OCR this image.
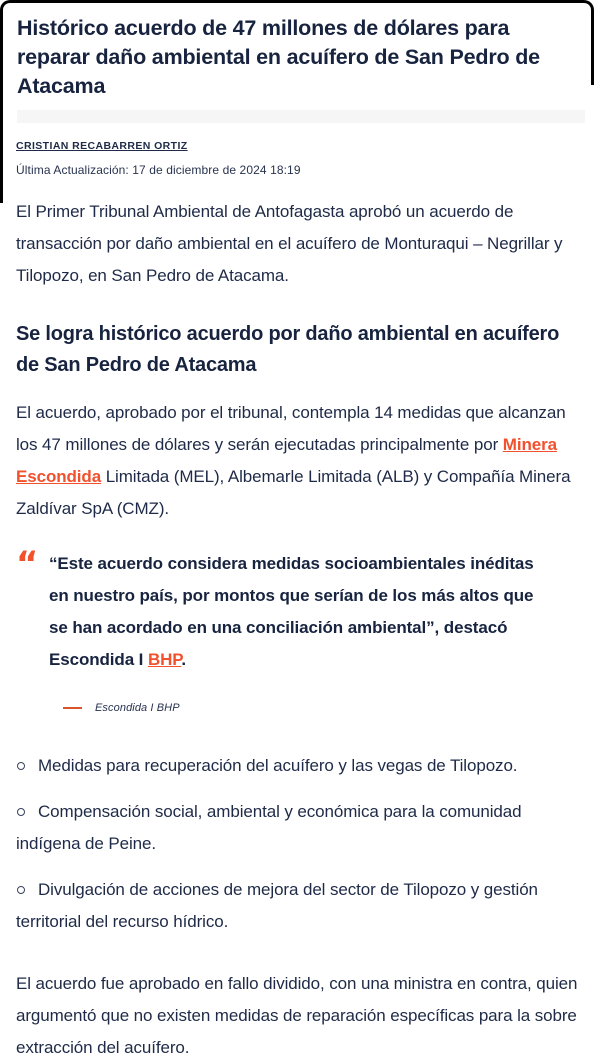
Histórico acuerdo de 47 millones de dólares para reparar daño ambiental en acuífero de San Pedro de Atacama
CRISTIAN RECABARREN ORTIZ
Última Actualización: 17 de diciembre de 2024 18:19

El Primer Tribunal Ambiental de Antofagasta aprobó un acuerdo de transacción por daño ambiental en el acuífero de Monturaqui – Negrillar y Tilopozo, en San Pedro de Atacama.

Se logra histórico acuerdo por daño ambiental en acuífero de San Pedro de Atacama

El acuerdo, aprobado por el tribunal, contempla 14 medidas que alcanzan los 47 millones de dólares y serán ejecutadas principalmente por Minera Escondida Limitada (MEL), Albemarle Limitada (ALB) y Compañía Minera Zaldívar SpA (CMZ).

“ “Este acuerdo considera medidas socioambientales inéditas en nuestro país, por montos que serían de los más altos que se han acordado en una conciliación ambiental”, destacó Escondida I BHP.
Escondida I BHP
Medidas para recuperación del acuífero y las vegas de Tilopozo.
Compensación social, ambiental y económica para la comunidad indígena de Peine.
Divulgación de acciones de mejora del sector de Tilopozo y gestión territorial del recurso hídrico.

El acuerdo fue aprobado en fallo dividido, con una ministra en contra, quien argumentó que no existen medidas de reparación específicas para la sobre extracción del acuífero.
